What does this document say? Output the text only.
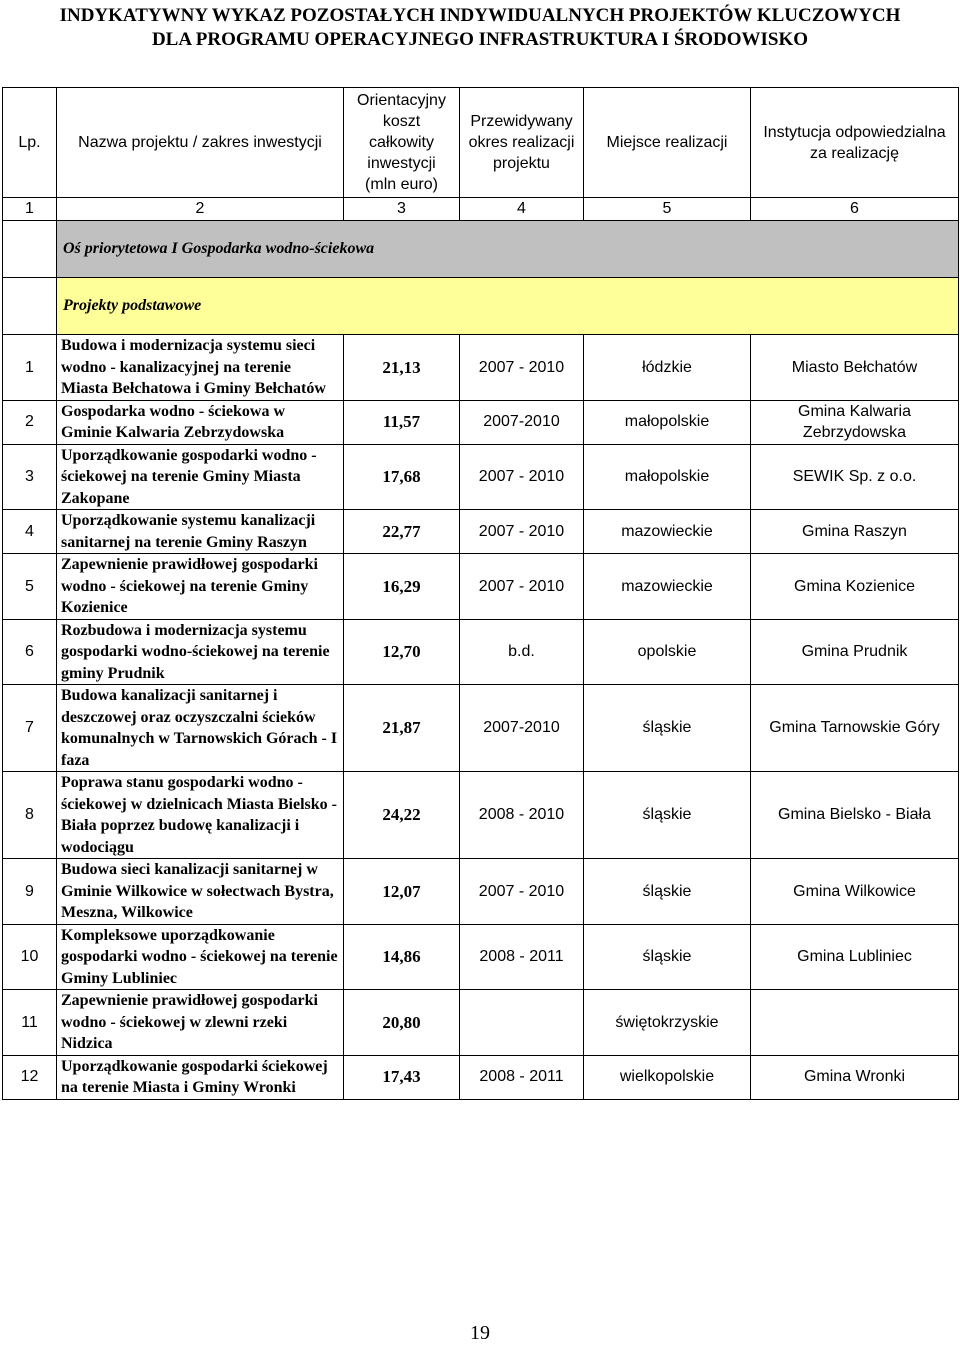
INDYKATYWNY WYKAZ POZOSTAŁYCH INDYWIDUALNYCH PROJEKTÓW KLUCZOWYCH
DLA PROGRAMU OPERACYJNEGO INFRASTRUKTURA I ŚRODOWISKO
Lp.	Nazwa projektu / zakres inwestycji	Orientacyjny koszt całkowity inwestycji (mln euro)	Przewidywany okres realizacji projektu	Miejsce realizacji	Instytucja odpowiedzialna za realizację
1	2	3	4	5	6
	Oś priorytetowa I Gospodarka wodno-ściekowa				
	Projekty podstawowe				
1	Budowa i modernizacja systemu sieci wodno - kanalizacyjnej na terenie Miasta Bełchatowa i Gminy Bełchatów	21,13	2007 - 2010	łódzkie	Miasto Bełchatów
2	Gospodarka wodno - ściekowa w Gminie Kalwaria Zebrzydowska	11,57	2007-2010	małopolskie	Gmina Kalwaria Zebrzydowska
3	Uporządkowanie gospodarki wodno - ściekowej na terenie Gminy Miasta Zakopane	17,68	2007 - 2010	małopolskie	SEWIK Sp. z o.o.
4	Uporządkowanie systemu kanalizacji sanitarnej na terenie Gminy Raszyn	22,77	2007 - 2010	mazowieckie	Gmina Raszyn
5	Zapewnienie prawidłowej gospodarki wodno - ściekowej na terenie Gminy Kozienice	16,29	2007 - 2010	mazowieckie	Gmina Kozienice
6	Rozbudowa i modernizacja systemu gospodarki wodno-ściekowej na terenie gminy Prudnik	12,70	b.d.	opolskie	Gmina Prudnik
7	Budowa kanalizacji sanitarnej i deszczowej oraz oczyszczalni ścieków komunalnych w Tarnowskich Górach - I faza	21,87	2007-2010	śląskie	Gmina Tarnowskie Góry
8	Poprawa stanu gospodarki wodno - ściekowej w dzielnicach Miasta Bielsko - Biała poprzez budowę kanalizacji i wodociągu	24,22	2008 - 2010	śląskie	Gmina Bielsko - Biała
9	Budowa sieci kanalizacji sanitarnej w Gminie Wilkowice w sołectwach Bystra, Meszna, Wilkowice	12,07	2007 - 2010	śląskie	Gmina Wilkowice
10	Kompleksowe uporządkowanie gospodarki wodno - ściekowej na terenie Gminy Lubliniec	14,86	2008 - 2011	śląskie	Gmina Lubliniec
11	Zapewnienie prawidłowej gospodarki wodno - ściekowej w zlewni rzeki Nidzica	20,80		świętokrzyskie	
12	Uporządkowanie gospodarki ściekowej na terenie Miasta i Gminy Wronki	17,43	2008 - 2011	wielkopolskie	Gmina Wronki
19
